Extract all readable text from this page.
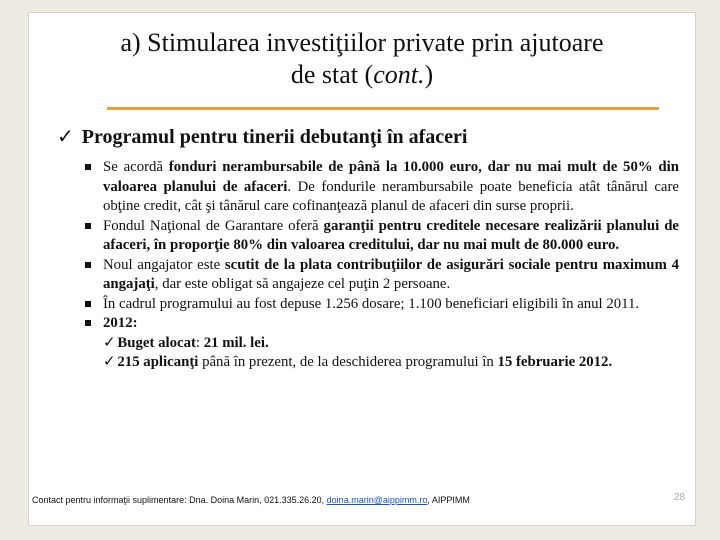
a) Stimularea investiţiilor private prin ajutoare
de stat (cont.)
✓ Programul pentru tinerii debutanţi în afaceri
Se acordă fonduri nerambursabile de până la 10.000 euro, dar nu mai mult de 50% din valoarea planului de afaceri. De fondurile nerambursabile poate beneficia atât tânărul care obţine credit, cât şi tânărul care cofinanţează planul de afaceri din surse proprii.
Fondul Naţional de Garantare oferă garanţii pentru creditele necesare realizării planului de afaceri, în proporţie 80% din valoarea creditului, dar nu mai mult de 80.000 euro.
Noul angajator este scutit de la plata contribuţiilor de asigurări sociale pentru maximum 4 angajaţi, dar este obligat să angajeze cel puţin 2 persoane.
În cadrul programului au fost depuse 1.256 dosare; 1.100 beneficiari eligibili în anul 2011.
2012:
✓ Buget alocat: 21 mil. lei.
✓ 215 aplicanţi până în prezent, de la deschiderea programului în 15 februarie 2012.
28
Contact pentru informaţii suplimentare: Dna. Doina Marin, 021.335.26.20, doina.marin@aippimm.ro, AIPPIMM
